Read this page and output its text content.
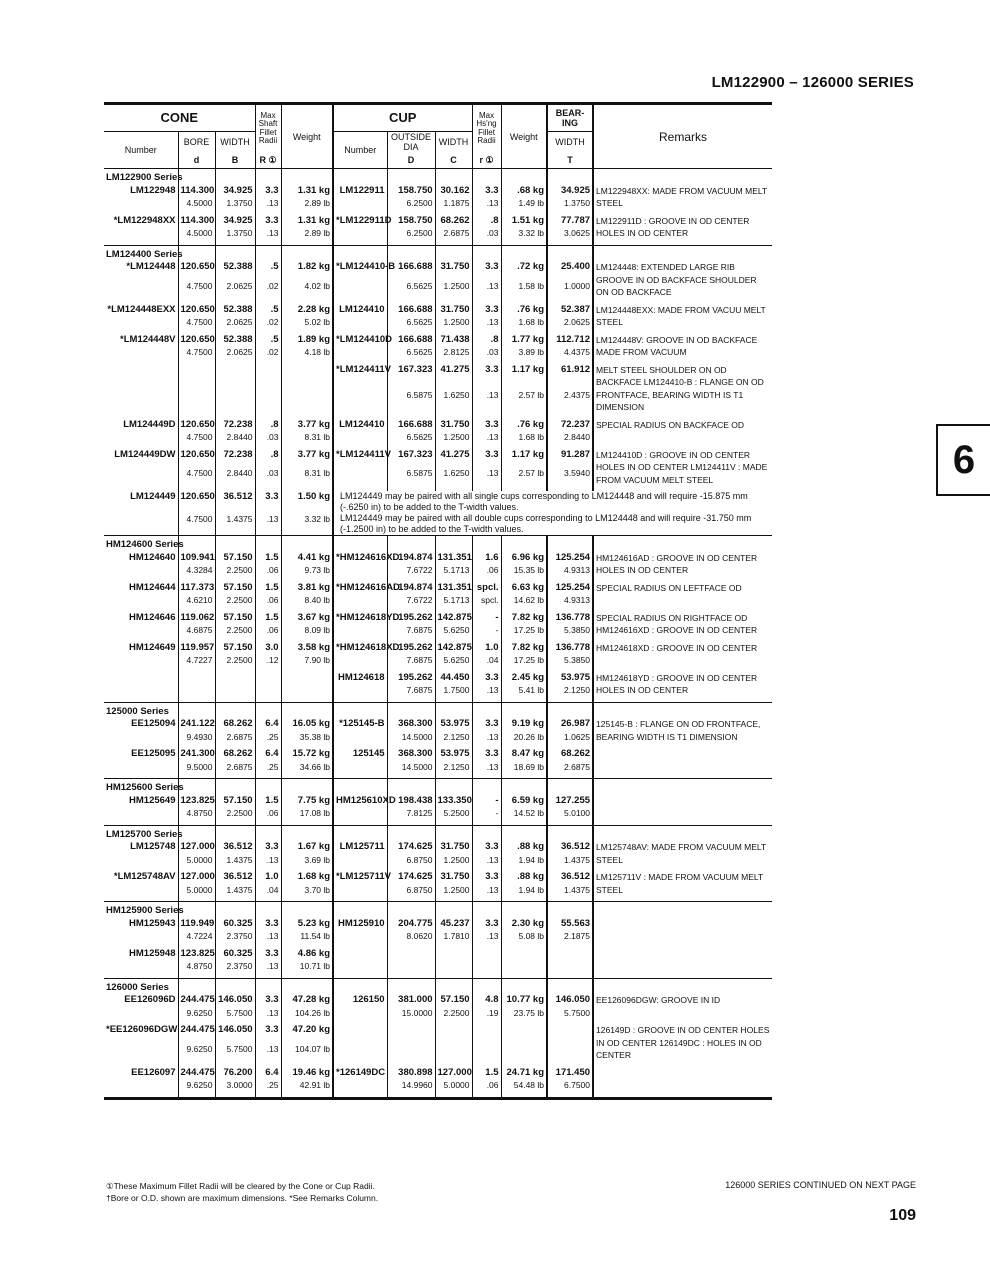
LM122900 – 126000 SERIES
6
CONE			Max Shaft Fillet Radii	Weight	CUP			Max Hs'ng Fillet Radii	Weight	BEAR-ING	Remarks
Number	BORE	WIDTH			Number	OUTSIDE DIA	WIDTH			WIDTH	
	d	B	R ①			D	C	r ①		T	
LM122900 Series											
LM122948	114.300	34.925	3.3	1.31 kg	LM122911	158.750	30.162	3.3	.68 kg	34.925	LM122948XX: MADE FROM VACUUM MELT STEEL
	4.5000	1.3750	.13	2.89 lb		6.2500	1.1875	.13	1.49 lb	1.3750	

*LM122948XX	114.300	34.925	3.3	1.31 kg	*LM122911D	158.750	68.262	.8	1.51 kg	77.787	LM122911D : GROOVE IN OD CENTER HOLES IN OD CENTER
	4.5000	1.3750	.13	2.89 lb		6.2500	2.6875	.03	3.32 lb	3.0625	

LM124400 Series											
*LM124448	120.650	52.388	.5	1.82 kg	*LM124410-B	166.688	31.750	3.3	.72 kg	25.400	LM124448: EXTENDED LARGE RIB GROOVE IN OD BACKFACE SHOULDER ON OD BACKFACE
	4.7500	2.0625	.02	4.02 lb		6.5625	1.2500	.13	1.58 lb	1.0000	

*LM124448EXX	120.650	52.388	.5	2.28 kg	LM124410	166.688	31.750	3.3	.76 kg	52.387	LM124448EXX: MADE FROM VACUU MELT STEEL
	4.7500	2.0625	.02	5.02 lb		6.5625	1.2500	.13	1.68 lb	2.0625	

*LM124448V	120.650	52.388	.5	1.89 kg	*LM124410D	166.688	71.438	.8	1.77 kg	112.712	LM124448V: GROOVE IN OD BACKFACE MADE FROM VACUUM
	4.7500	2.0625	.02	4.18 lb		6.5625	2.8125	.03	3.89 lb	4.4375	

					*LM124411V	167.323	41.275	3.3	1.17 kg	61.912	MELT STEEL SHOULDER ON OD BACKFACE LM124410-B : FLANGE ON OD FRONTFACE, BEARING WIDTH IS T1 DIMENSION
						6.5875	1.6250	.13	2.57 lb	2.4375	

LM124449D	120.650	72.238	.8	3.77 kg	LM124410	166.688	31.750	3.3	.76 kg	72.237	SPECIAL RADIUS ON BACKFACE OD
	4.7500	2.8440	.03	8.31 lb		6.5625	1.2500	.13	1.68 lb	2.8440	

LM124449DW	120.650	72.238	.8	3.77 kg	*LM124411V	167.323	41.275	3.3	1.17 kg	91.287	LM124410D : GROOVE IN OD CENTER HOLES IN OD CENTER LM124411V : MADE FROM VACUUM MELT STEEL
	4.7500	2.8440	.03	8.31 lb		6.5875	1.6250	.13	2.57 lb	3.5940	

LM124449	120.650	36.512	3.3	1.50 kg	LM124449 may be paired with all single cups corresponding to LM124448 and will require -15.875 mm (-.6250 in) to be added to the T-width values.						
	4.7500	1.4375	.13	3.32 lb	LM124449 may be paired with all double cups corresponding to LM124448 and will require -31.750 mm (-1.2500 in) to be added to the T-width values.						
HM124600 Series											
HM124640	109.941	57.150	1.5	4.41 kg	*HM124616XD	194.874	131.351	1.6	6.96 kg	125.254	HM124616AD : GROOVE IN OD CENTER HOLES IN OD CENTER
	4.3284	2.2500	.06	9.73 lb		7.6722	5.1713	.06	15.35 lb	4.9313	

HM124644	117.373	57.150	1.5	3.81 kg	*HM124616AD	194.874	131.351	spcl.	6.63 kg	125.254	SPECIAL RADIUS ON LEFTFACE OD
	4.6210	2.2500	.06	8.40 lb		7.6722	5.1713	spcl.	14.62 lb	4.9313	

HM124646	119.062	57.150	1.5	3.67 kg	*HM124618YD	195.262	142.875	-	7.82 kg	136.778	SPECIAL RADIUS ON RIGHTFACE OD HM124616XD : GROOVE IN OD CENTER
	4.6875	2.2500	.06	8.09 lb		7.6875	5.6250	-	17.25 lb	5.3850	

HM124649	119.957	57.150	3.0	3.58 kg	*HM124618XD	195.262	142.875	1.0	7.82 kg	136.778	HM124618XD : GROOVE IN OD CENTER
	4.7227	2.2500	.12	7.90 lb		7.6875	5.6250	.04	17.25 lb	5.3850	

					HM124618	195.262	44.450	3.3	2.45 kg	53.975	HM124618YD : GROOVE IN OD CENTER HOLES IN OD CENTER
						7.6875	1.7500	.13	5.41 lb	2.1250	

125000 Series											
EE125094	241.122	68.262	6.4	16.05 kg	*125145-B	368.300	53.975	3.3	9.19 kg	26.987	125145-B : FLANGE ON OD FRONTFACE, BEARING WIDTH IS T1 DIMENSION
	9.4930	2.6875	.25	35.38 lb		14.5000	2.1250	.13	20.26 lb	1.0625	

EE125095	241.300	68.262	6.4	15.72 kg	125145	368.300	53.975	3.3	8.47 kg	68.262	
	9.5000	2.6875	.25	34.66 lb		14.5000	2.1250	.13	18.69 lb	2.6875	

HM125600 Series											
HM125649	123.825	57.150	1.5	7.75 kg	HM125610XD	198.438	133.350	-	6.59 kg	127.255	
	4.8750	2.2500	.06	17.08 lb		7.8125	5.2500	-	14.52 lb	5.0100	

LM125700 Series											
LM125748	127.000	36.512	3.3	1.67 kg	LM125711	174.625	31.750	3.3	.88 kg	36.512	LM125748AV: MADE FROM VACUUM MELT STEEL
	5.0000	1.4375	.13	3.69 lb		6.8750	1.2500	.13	1.94 lb	1.4375	

*LM125748AV	127.000	36.512	1.0	1.68 kg	*LM125711V	174.625	31.750	3.3	.88 kg	36.512	LM125711V : MADE FROM VACUUM MELT STEEL
	5.0000	1.4375	.04	3.70 lb		6.8750	1.2500	.13	1.94 lb	1.4375	

HM125900 Series											
HM125943	119.949	60.325	3.3	5.23 kg	HM125910	204.775	45.237	3.3	2.30 kg	55.563	
	4.7224	2.3750	.13	11.54 lb		8.0620	1.7810	.13	5.08 lb	2.1875	

HM125948	123.825	60.325	3.3	4.86 kg							
	4.8750	2.3750	.13	10.71 lb							

126000 Series											
EE126096D	244.475	146.050	3.3	47.28 kg	126150	381.000	57.150	4.8	10.77 kg	146.050	EE126096DGW: GROOVE IN ID
	9.6250	5.7500	.13	104.26 lb		15.0000	2.2500	.19	23.75 lb	5.7500	

*EE126096DGW	244.475	146.050	3.3	47.20 kg							126149D : GROOVE IN OD CENTER HOLES IN OD CENTER 126149DC : HOLES IN OD CENTER
	9.6250	5.7500	.13	104.07 lb							

EE126097	244.475	76.200	6.4	19.46 kg	*126149DC	380.898	127.000	1.5	24.71 kg	171.450	
	9.6250	3.0000	.25	42.91 lb		14.9960	5.0000	.06	54.48 lb	6.7500	

①These Maximum Fillet Radii will be cleared by the Cone or Cup Radii.
†Bore or O.D. shown are maximum dimensions. *See Remarks Column.
126000 SERIES CONTINUED ON NEXT PAGE
109
